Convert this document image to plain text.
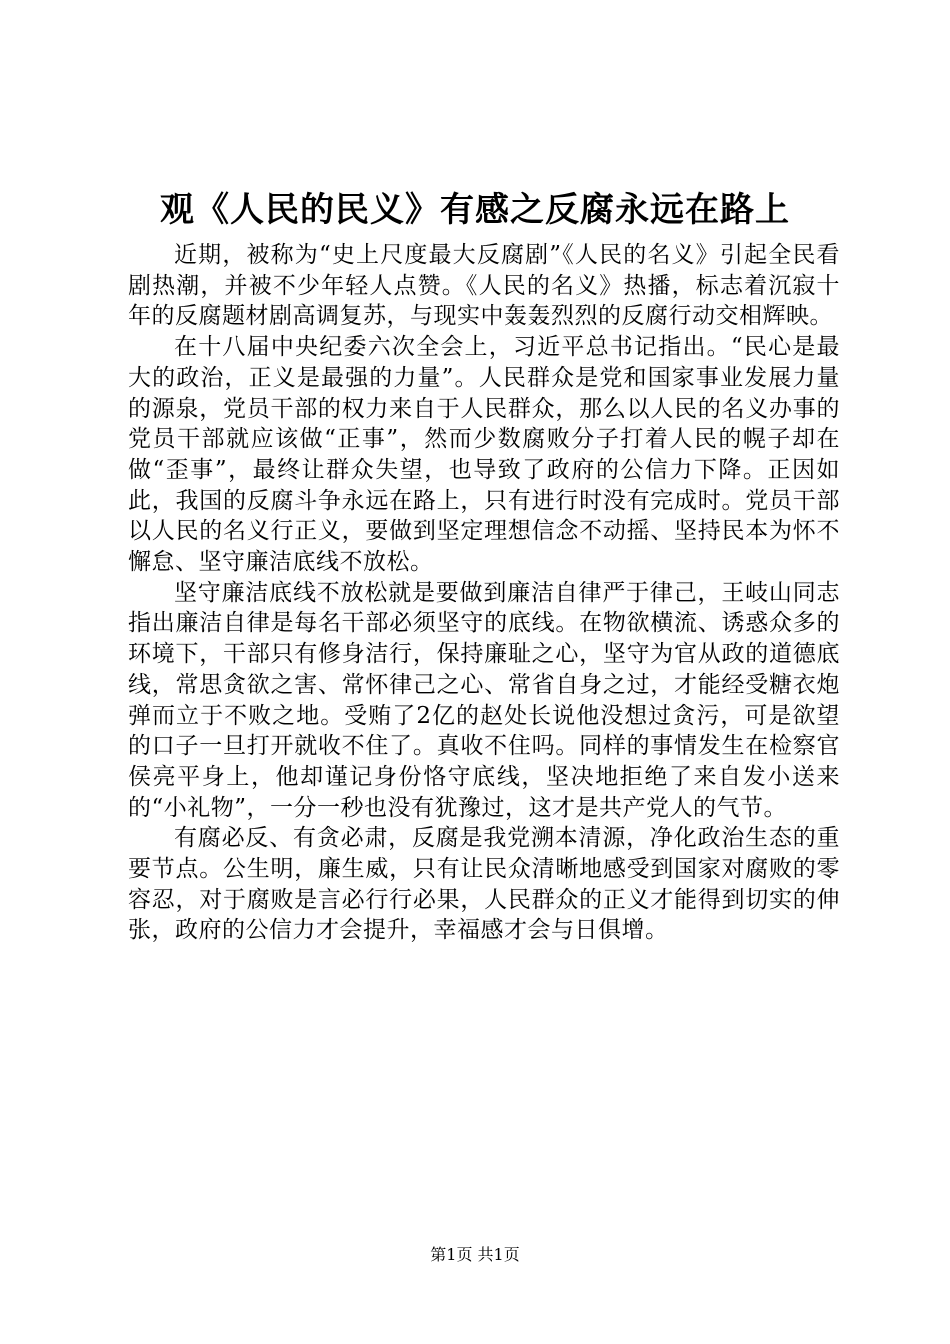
观《人民的民义》有感之反腐永远在路上

近期，被称为“史上尺度最大反腐剧”《人民的名义》引起全民看剧热潮，并被不少年轻人点赞。《人民的名义》热播，标志着沉寂十年的反腐题材剧高调复苏，与现实中轰轰烈烈的反腐行动交相辉映。

在十八届中央纪委六次全会上，习近平总书记指出。“民心是最大的政治，正义是最强的力量”。人民群众是党和国家事业发展力量的源泉，党员干部的权力来自于人民群众，那么以人民的名义办事的党员干部就应该做“正事”，然而少数腐败分子打着人民的幌子却在做“歪事”，最终让群众失望，也导致了政府的公信力下降。正因如此，我国的反腐斗争永远在路上，只有进行时没有完成时。党员干部以人民的名义行正义，要做到坚定理想信念不动摇、坚持民本为怀不懈怠、坚守廉洁底线不放松。

坚守廉洁底线不放松就是要做到廉洁自律严于律己，王岐山同志指出廉洁自律是每名干部必须坚守的底线。在物欲横流、诱惑众多的环境下，干部只有修身洁行，保持廉耻之心，坚守为官从政的道德底线，常思贪欲之害、常怀律己之心、常省自身之过，才能经受糖衣炮弹而立于不败之地。受贿了2亿的赵处长说他没想过贪污，可是欲望的口子一旦打开就收不住了。真收不住吗。同样的事情发生在检察官侯亮平身上，他却谨记身份恪守底线，坚决地拒绝了来自发小送来的“小礼物”，一分一秒也没有犹豫过，这才是共产党人的气节。

有腐必反、有贪必肃，反腐是我党溯本清源，净化政治生态的重要节点。公生明，廉生威，只有让民众清晰地感受到国家对腐败的零容忍，对于腐败是言必行行必果，人民群众的正义才能得到切实的伸张，政府的公信力才会提升，幸福感才会与日俱增。

第1页 共1页
